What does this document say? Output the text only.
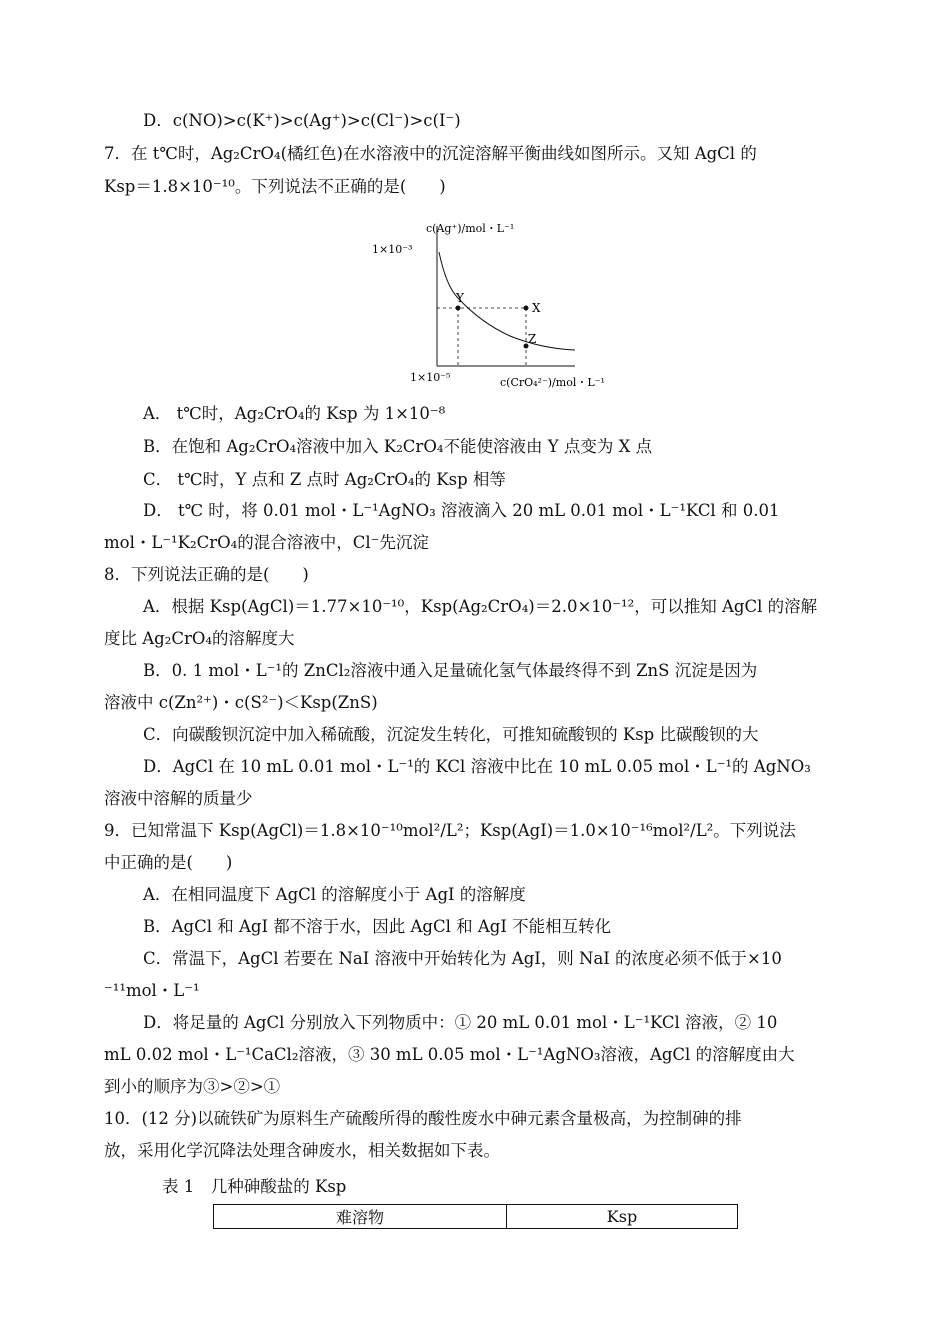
D．c(NO)>c(K⁺)>c(Ag⁺)>c(Cl⁻)>c(I⁻)
7．在 t℃时，Ag₂CrO₄(橘红色)在水溶液中的沉淀溶解平衡曲线如图所示。又知 AgCl 的
Ksp＝1.8×10⁻¹⁰。下列说法不正确的是(　　)
c(Ag⁺)/mol・L⁻¹
1×10⁻³
1×10⁻⁵	c(CrO₄²⁻)/mol・L⁻¹
Y
X
Z
A． t℃时，Ag₂CrO₄的 Ksp 为 1×10⁻⁸
B．在饱和 Ag₂CrO₄溶液中加入 K₂CrO₄不能使溶液由 Y 点变为 X 点
C． t℃时，Y 点和 Z 点时 Ag₂CrO₄的 Ksp 相等
D． t℃ 时，将 0.01 mol・L⁻¹AgNO₃ 溶液滴入 20 mL 0.01 mol・L⁻¹KCl 和 0.01
mol・L⁻¹K₂CrO₄的混合溶液中，Cl⁻先沉淀
8．下列说法正确的是(　　)
A．根据 Ksp(AgCl)＝1.77×10⁻¹⁰，Ksp(Ag₂CrO₄)＝2.0×10⁻¹²，可以推知 AgCl 的溶解
度比 Ag₂CrO₄的溶解度大
B．0. 1 mol・L⁻¹的 ZnCl₂溶液中通入足量硫化氢气体最终得不到 ZnS 沉淀是因为
溶液中 c(Zn²⁺)・c(S²⁻)＜Ksp(ZnS)
C．向碳酸钡沉淀中加入稀硫酸，沉淀发生转化，可推知硫酸钡的 Ksp 比碳酸钡的大
D．AgCl 在 10 mL 0.01 mol・L⁻¹的 KCl 溶液中比在 10 mL 0.05 mol・L⁻¹的 AgNO₃
溶液中溶解的质量少
9．已知常温下 Ksp(AgCl)＝1.8×10⁻¹⁰mol²/L²；Ksp(AgI)＝1.0×10⁻¹⁶mol²/L²。下列说法
中正确的是(　　)
A．在相同温度下 AgCl 的溶解度小于 AgI 的溶解度
B．AgCl 和 AgI 都不溶于水，因此 AgCl 和 AgI 不能相互转化
C．常温下，AgCl 若要在 NaI 溶液中开始转化为 AgI，则 NaI 的浓度必须不低于×10
⁻¹¹mol・L⁻¹
D．将足量的 AgCl 分别放入下列物质中：① 20 mL 0.01 mol・L⁻¹KCl 溶液，② 10
mL 0.02 mol・L⁻¹CaCl₂溶液，③ 30 mL 0.05 mol・L⁻¹AgNO₃溶液，AgCl 的溶解度由大
到小的顺序为③>②>①
10．(12 分)以硫铁矿为原料生产硫酸所得的酸性废水中砷元素含量极高，为控制砷的排
放，采用化学沉降法处理含砷废水，相关数据如下表。
表 1　几种砷酸盐的 Ksp
难溶物	Ksp
